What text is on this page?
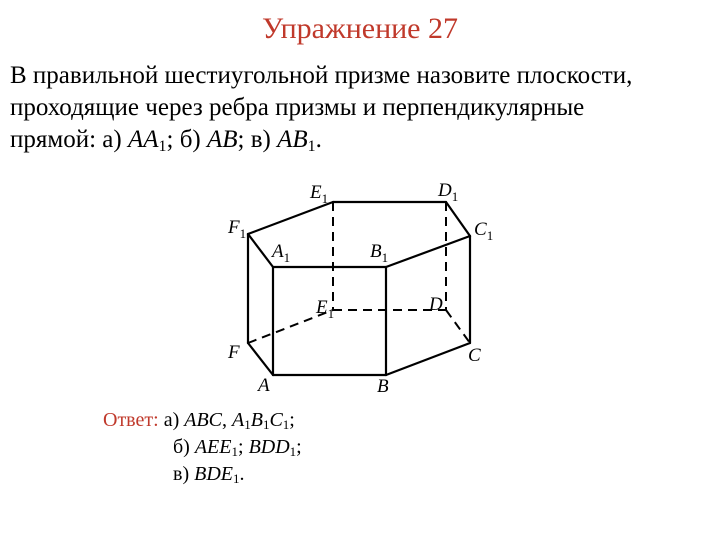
Упражнение 27
В правильной шестиугольной призме назовите плоскости,
проходящие через ребра призмы и перпендикулярные
прямой: а) $AA_1$; б) AB; в) $AB_1$.
$E_1$	$D_1$
$F_1$	$C_1$
$A_1$	$B_1$
$E_1$	D
F	C
A	B
Ответ: а) ABC, $A_1B_1C_1$;
б) $AEE_1$; $BDD_1$;
в) $BDE_1$.
